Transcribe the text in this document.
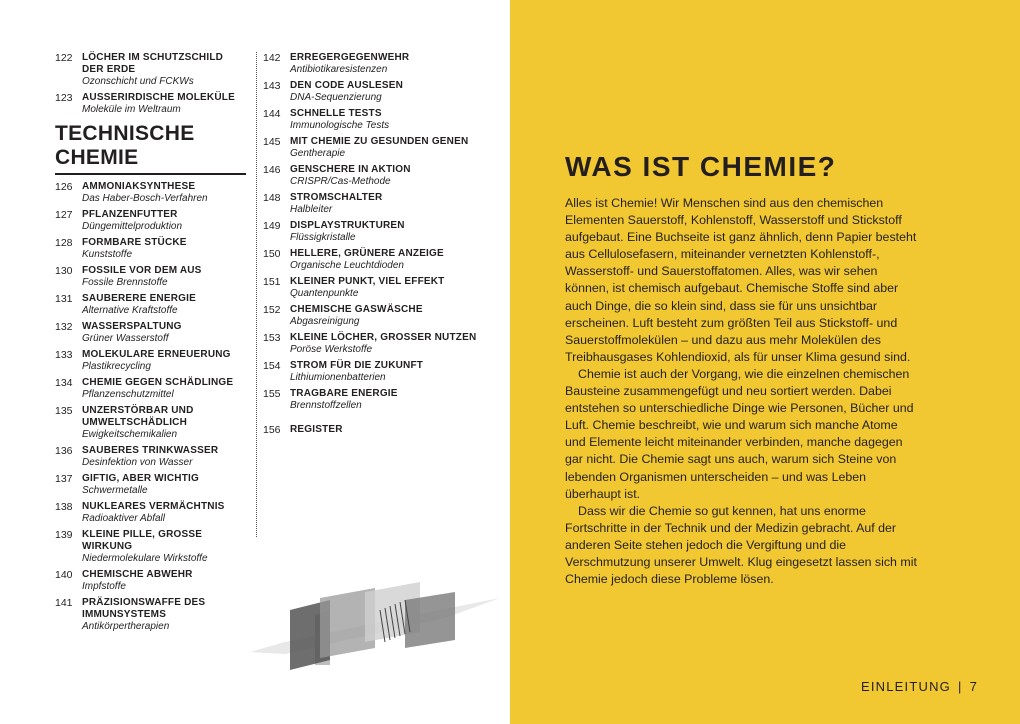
122 LÖCHER IM SCHUTZSCHILD DER ERDE
Ozonschicht und FCKWs
123 AUSSERIRDISCHE MOLEKÜLE
Moleküle im Weltraum
TECHNISCHE
CHEMIE
126 AMMONIAKSYNTHESE
Das Haber-Bosch-Verfahren
127 PFLANZENFUTTER
Düngemittelproduktion
128 FORMBARE STÜCKE
Kunststoffe
130 FOSSILE VOR DEM AUS
Fossile Brennstoffe
131 SAUBERERE ENERGIE
Alternative Kraftstoffe
132 WASSERSPALTUNG
Grüner Wasserstoff
133 MOLEKULARE ERNEUERUNG
Plastikrecycling
134 CHEMIE GEGEN SCHÄDLINGE
Pflanzenschutzmittel
135 UNZERSTÖRBAR UND UMWELTSCHÄDLICH
Ewigkeitschemikalien
136 SAUBERES TRINKWASSER
Desinfektion von Wasser
137 GIFTIG, ABER WICHTIG
Schwermetalle
138 NUKLEARES VERMÄCHTNIS
Radioaktiver Abfall
139 KLEINE PILLE, GROSSE WIRKUNG
Niedermolekulare Wirkstoffe
140 CHEMISCHE ABWEHR
Impfstoffe
141 PRÄZISIONSWAFFE DES IMMUNSYSTEMS
Antikörpertherapien
142 ERREGERGEGENWEHR
Antibiotikaresistenzen
143 DEN CODE AUSLESEN
DNA-Sequenzierung
144 SCHNELLE TESTS
Immunologische Tests
145 MIT CHEMIE ZU GESUNDEN GENEN
Gentherapie
146 GENSCHERE IN AKTION
CRISPR/Cas-Methode
148 STROMSCHALTER
Halbleiter
149 DISPLAYSTRUKTUREN
Flüssigkristalle
150 HELLERE, GRÜNERE ANZEIGE
Organische Leuchtdioden
151 KLEINER PUNKT, VIEL EFFEKT
Quantenpunkte
152 CHEMISCHE GASWÄSCHE
Abgasreinigung
153 KLEINE LÖCHER, GROSSER NUTZEN
Poröse Werkstoffe
154 STROM FÜR DIE ZUKUNFT
Lithiumionenbatterien
155 TRAGBARE ENERGIE
Brennstoffzellen
156 REGISTER
WAS IST CHEMIE?

Alles ist Chemie! Wir Menschen sind aus den chemischen Elementen Sauerstoff, Kohlenstoff, Wasserstoff und Stickstoff aufgebaut. Eine Buchseite ist ganz ähnlich, denn Papier besteht aus Cellulosefasern, miteinander vernetzten Kohlenstoff-, Wasserstoff- und Sauerstoffatomen. Alles, was wir sehen können, ist chemisch aufgebaut. Chemische Stoffe sind aber auch Dinge, die so klein sind, dass sie für uns unsichtbar erscheinen. Luft besteht zum größten Teil aus Stickstoff- und Sauerstoffmolekülen – und dazu aus mehr Molekülen des Treibhausgases Kohlendioxid, als für unser Klima gesund sind.

Chemie ist auch der Vorgang, wie die einzelnen chemischen Bausteine zusammengefügt und neu sortiert werden. Dabei entstehen so unterschiedliche Dinge wie Personen, Bücher und Luft. Chemie beschreibt, wie und warum sich manche Atome und Elemente leicht miteinander verbinden, manche dagegen gar nicht. Die Chemie sagt uns auch, warum sich Steine von lebenden Organismen unterscheiden – und was Leben überhaupt ist.

Dass wir die Chemie so gut kennen, hat uns enorme Fortschritte in der Technik und der Medizin gebracht. Auf der anderen Seite stehen jedoch die Vergiftung und die Verschmutzung unserer Umwelt. Klug eingesetzt lassen sich mit Chemie jedoch diese Probleme lösen.

EINLEITUNG | 7
